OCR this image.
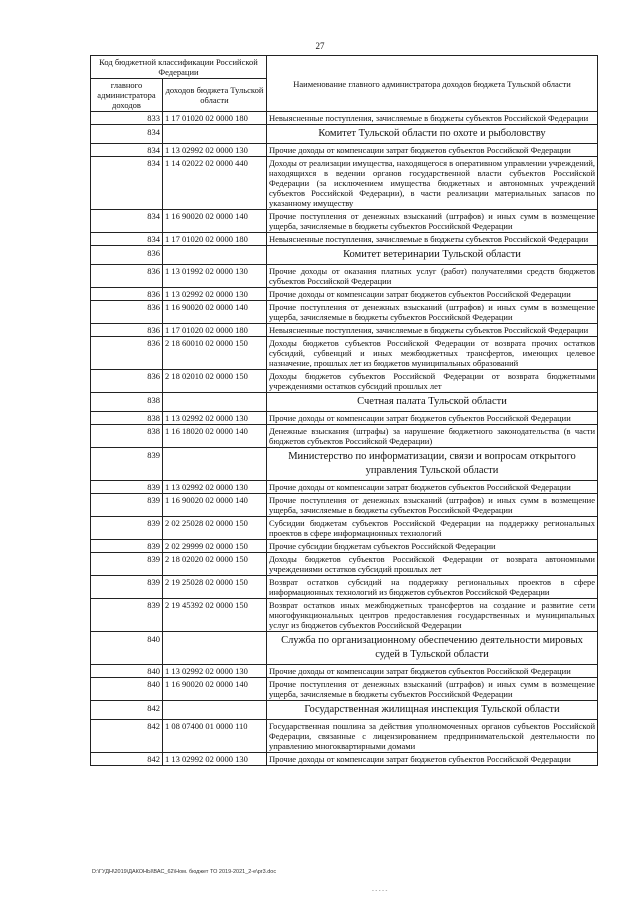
27
Код бюджетной классификации Российской Федерации		Наименование главного администратора доходов бюджета Тульской области
главного администратора доходов	доходов бюджета Тульской области	
833	1 17 01020 02 0000 180	Невыясненные поступления, зачисляемые в бюджеты субъектов Российской Федерации
834		Комитет Тульской области по охоте и рыболовству
834	1 13 02992 02 0000 130	Прочие доходы от компенсации затрат бюджетов субъектов Российской Федерации
834	1 14 02022 02 0000 440	Доходы от реализации имущества, находящегося в оперативном управлении учреждений, находящихся в ведении органов государственной власти субъектов Российской Федерации (за исключением имущества бюджетных и автономных учреждений субъектов Российской Федерации), в части реализации материальных запасов по указанному имуществу
834	1 16 90020 02 0000 140	Прочие поступления от денежных взысканий (штрафов) и иных сумм в возмещение ущерба, зачисляемые в бюджеты субъектов Российской Федерации
834	1 17 01020 02 0000 180	Невыясненные поступления, зачисляемые в бюджеты субъектов Российской Федерации
836		Комитет ветеринарии Тульской области
836	1 13 01992 02 0000 130	Прочие доходы от оказания платных услуг (работ) получателями средств бюджетов субъектов Российской Федерации
836	1 13 02992 02 0000 130	Прочие доходы от компенсации затрат бюджетов субъектов Российской Федерации
836	1 16 90020 02 0000 140	Прочие поступления от денежных взысканий (штрафов) и иных сумм в возмещение ущерба, зачисляемые в бюджеты субъектов Российской Федерации
836	1 17 01020 02 0000 180	Невыясненные поступления, зачисляемые в бюджеты субъектов Российской Федерации
836	2 18 60010 02 0000 150	Доходы бюджетов субъектов Российской Федерации от возврата прочих остатков субсидий, субвенций и иных межбюджетных трансфертов, имеющих целевое назначение, прошлых лет из бюджетов муниципальных образований
836	2 18 02010 02 0000 150	Доходы бюджетов субъектов Российской Федерации от возврата бюджетными учреждениями остатков субсидий прошлых лет
838		Счетная палата Тульской области
838	1 13 02992 02 0000 130	Прочие доходы от компенсации затрат бюджетов субъектов Российской Федерации
838	1 16 18020 02 0000 140	Денежные взыскания (штрафы) за нарушение бюджетного законодательства (в части бюджетов субъектов Российской Федерации)
839		Министерство по информатизации, связи и вопросам открытого управления Тульской области
839	1 13 02992 02 0000 130	Прочие доходы от компенсации затрат бюджетов субъектов Российской Федерации
839	1 16 90020 02 0000 140	Прочие поступления от денежных взысканий (штрафов) и иных сумм в возмещение ущерба, зачисляемые в бюджеты субъектов Российской Федерации
839	2 02 25028 02 0000 150	Субсидии бюджетам субъектов Российской Федерации на поддержку региональных проектов в сфере информационных технологий
839	2 02 29999 02 0000 150	Прочие субсидии бюджетам субъектов Российской Федерации
839	2 18 02020 02 0000 150	Доходы бюджетов субъектов Российской Федерации от возврата автономными учреждениями остатков субсидий прошлых лет
839	2 19 25028 02 0000 150	Возврат остатков субсидий на поддержку региональных проектов в сфере информационных технологий из бюджетов субъектов Российской Федерации
839	2 19 45392 02 0000 150	Возврат остатков иных межбюджетных трансфертов на создание и развитие сети многофункциональных центров предоставления государственных и муниципальных услуг из бюджетов субъектов Российской Федерации
840		Служба по организационному обеспечению деятельности мировых судей в Тульской области
840	1 13 02992 02 0000 130	Прочие доходы от компенсации затрат бюджетов субъектов Российской Федерации
840	1 16 90020 02 0000 140	Прочие поступления от денежных взысканий (штрафов) и иных сумм в возмещение ущерба, зачисляемые в бюджеты субъектов Российской Федерации
842		Государственная жилищная инспекция Тульской области
842	1 08 07400 01 0000 110	Государственная пошлина за действия уполномоченных органов субъектов Российской Федерации, связанные с лицензированием предпринимательской деятельности по управлению многоквартирными домами
842	1 13 02992 02 0000 130	Прочие доходы от компенсации затрат бюджетов субъектов Российской Федерации
D:\ГУДН\2019\ДАКОНЫ\ВАС_62\Ном. бюджет ТО 2019-2021_2-e\pr3.doc
- - - - -
